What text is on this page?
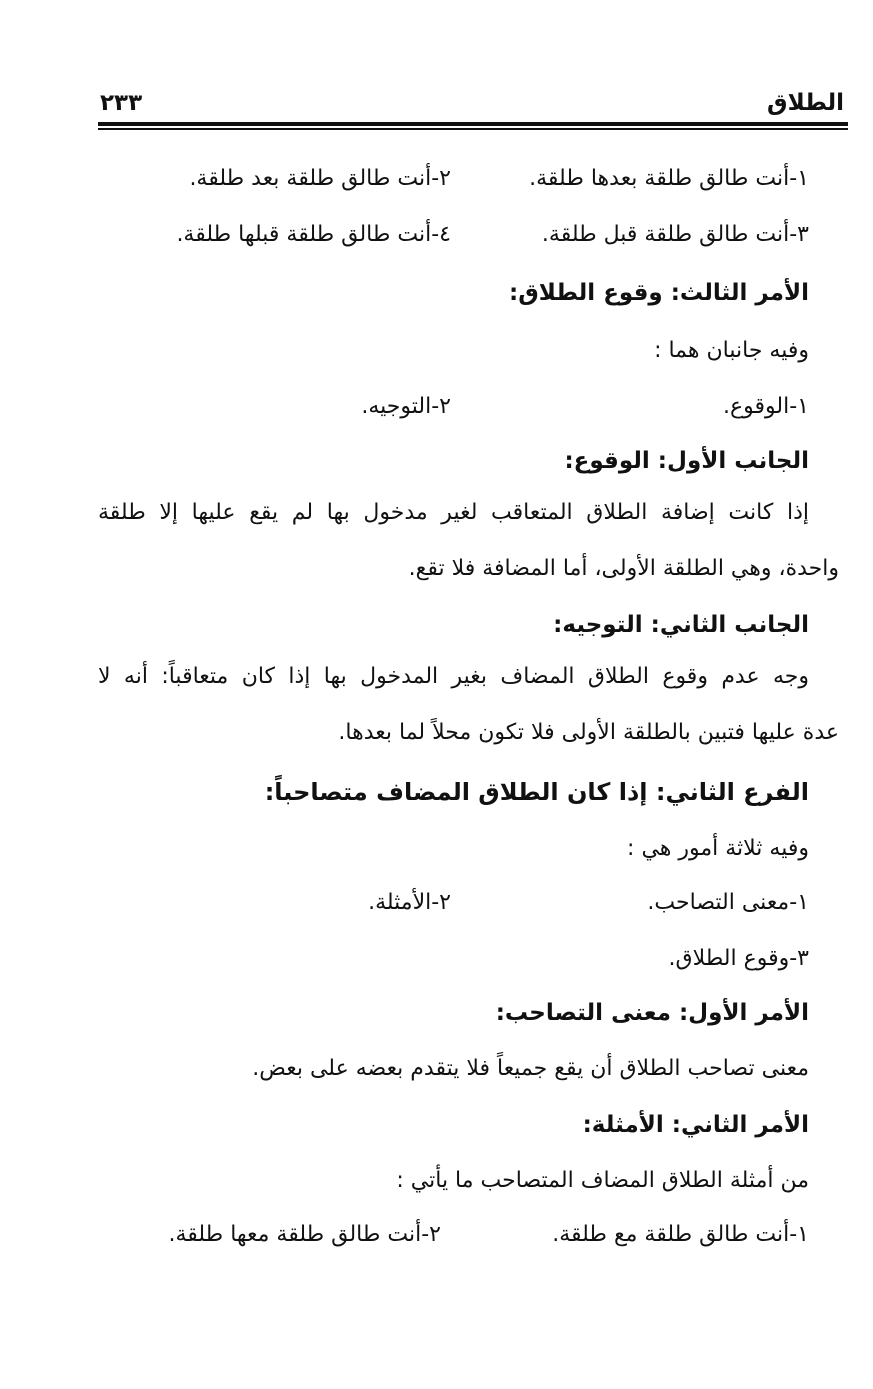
الطلاق
٢٣٣
١-أنت طالق طلقة بعدها طلقة.
٢-أنت طالق طلقة بعد طلقة.
٣-أنت طالق طلقة قبل طلقة.
٤-أنت طالق طلقة قبلها طلقة.
الأمر الثالث: وقوع الطلاق:
وفيه جانبان هما :
١-الوقوع.
٢-التوجيه.
الجانب الأول: الوقوع:
إذا كانت إضافة الطلاق المتعاقب لغير مدخول بها لم يقع عليها إلا طلقة
واحدة، وهي الطلقة الأولى، أما المضافة فلا تقع.
الجانب الثاني: التوجيه:
وجه عدم وقوع الطلاق المضاف بغير المدخول بها إذا كان متعاقباً: أنه لا
عدة عليها فتبين بالطلقة الأولى فلا تكون محلاً لما بعدها.
الفرع الثاني: إذا كان الطلاق المضاف متصاحباً:
وفيه ثلاثة أمور هي :
١-معنى التصاحب.
٢-الأمثلة.
٣-وقوع الطلاق.
الأمر الأول: معنى التصاحب:
معنى تصاحب الطلاق أن يقع جميعاً فلا يتقدم بعضه على بعض.
الأمر الثاني: الأمثلة:
من أمثلة الطلاق المضاف المتصاحب ما يأتي :
١-أنت طالق طلقة مع طلقة.
٢-أنت طالق طلقة معها طلقة.
